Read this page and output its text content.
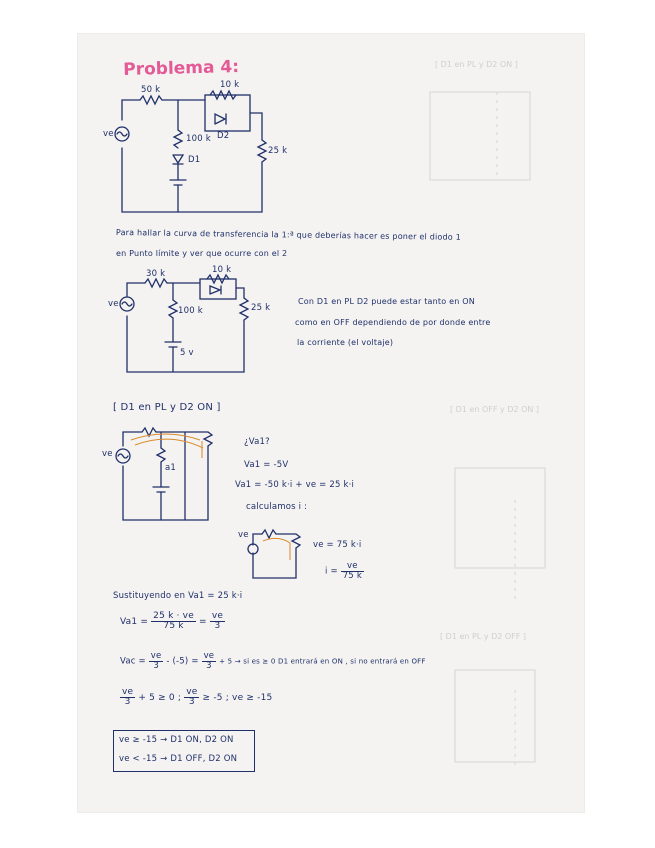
Problema 4:	[ D1 en PL y D2 ON ]
[ D1 en PL y D2 OFF ]
[ D1 en OFF y D2 ON ]
50 k	10 k
D2
100 k
D1
25 k
ve
Para hallar la curva de transferencia la 1:ª que deberías hacer es poner el diodo 1
en Punto límite y ver que ocurre con el 2
30 k	10 k
100 k	25 k
5 v
ve	Con D1 en PL D2 puede estar tanto en ON
como en OFF dependiendo de por donde entre
la corriente (el voltaje)
[ D1 en PL y D2 ON ]
a1
ve
¿Va1?
Va1 = -5V
Va1 = -50 k·i + ve = 25 k·i
calculamos i :
ve
ve = 75 k·i
$i = \frac{ve}{75 k}$
Sustituyendo en Va1 = 25 k·i
$Va1 = \frac{25 k \cdot ve}{75 k} = \frac{ve}{3}$
Vac = $\frac{ve}{3} - (-5) = \frac{ve}{3} + 5$ → si es ≥ 0 D1 entrará en ON , si no entrará en OFF
$\frac{ve}{3} + 5 \ge 0$ ; $\frac{ve}{3} \ge -5$ ; ve ≥ -15
ve ≥ -15 → D1 ON, D2 ON
ve < -15 → D1 OFF, D2 ON
